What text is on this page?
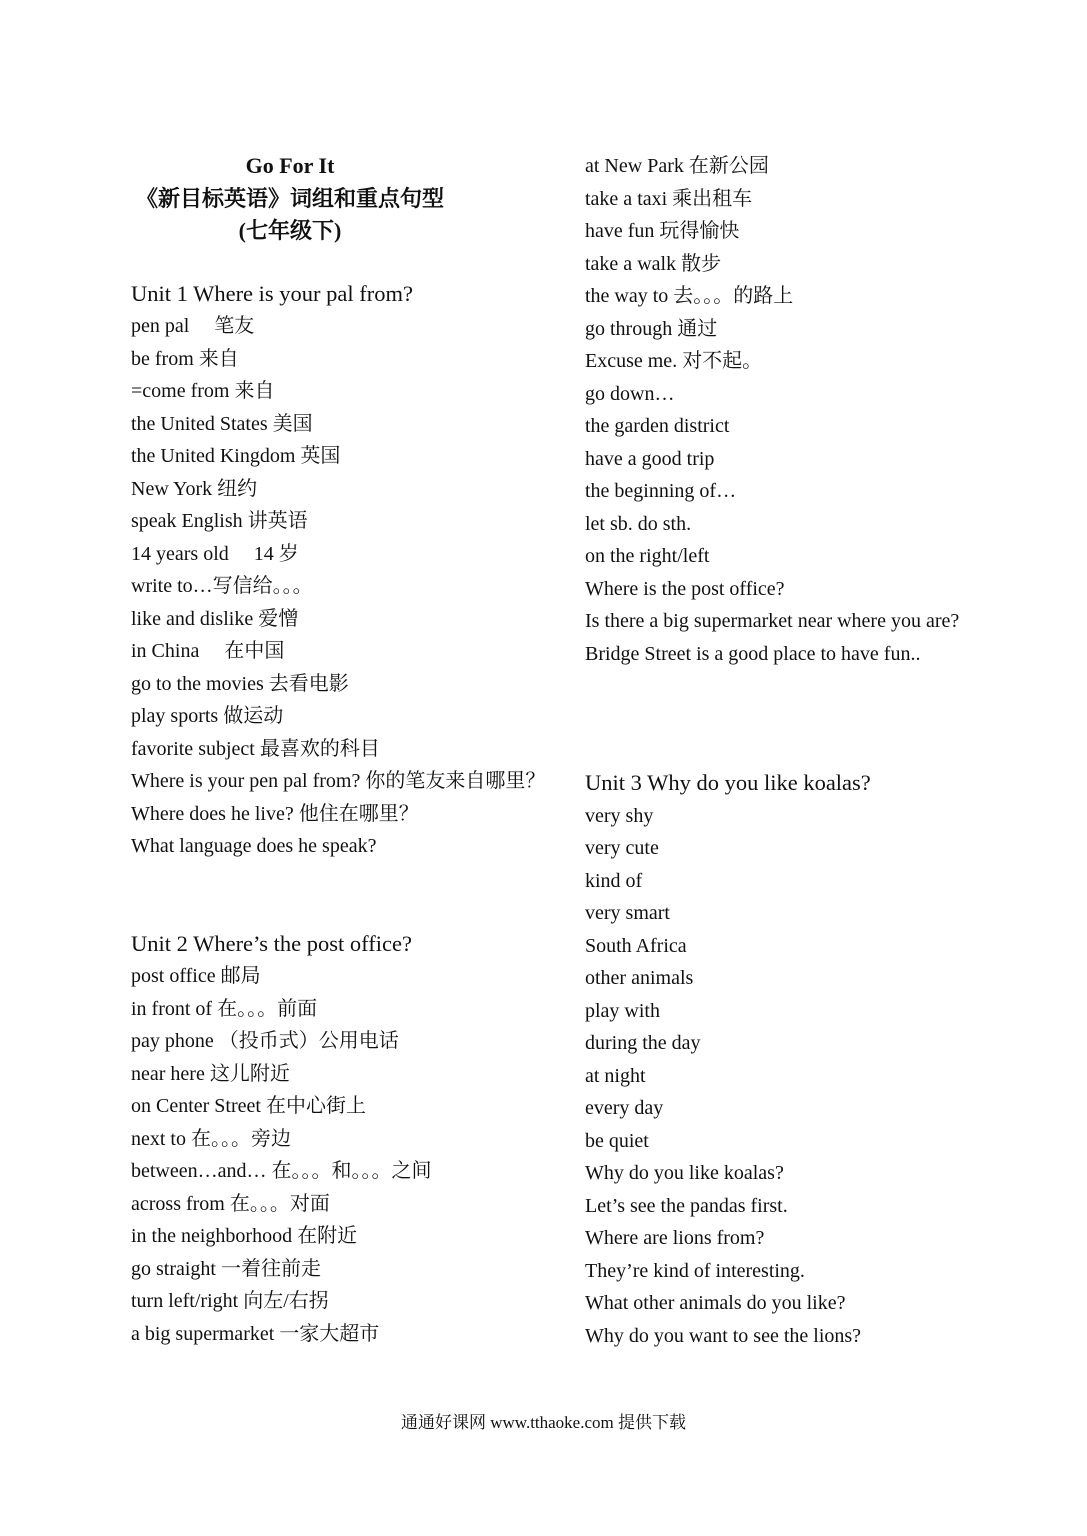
Go For It
《新目标英语》词组和重点句型
(七年级下)
Unit 1 Where is your pal from?
pen pal 　笔友
be from 来自
=come from 来自
the United States 美国
the United Kingdom 英国
New York 纽约
speak English 讲英语
14 years old 　14 岁
write to…写信给。。。
like and dislike 爱憎
in China 　在中国
go to the movies 去看电影
play sports 做运动
favorite subject 最喜欢的科目
Where is your pen pal from? 你的笔友来自哪里？
Where does he live? 他住在哪里？
What language does he speak?
Unit 2 Where’s the post office?
post office 邮局
in front of 在。。。前面
pay phone （投币式）公用电话
near here 这儿附近
on Center Street 在中心街上
next to 在。。。旁边
between…and… 在。。。和。。。之间
across from 在。。。对面
in the neighborhood 在附近
go straight 一着往前走
turn left/right 向左/右拐
a big supermarket 一家大超市
at New Park 在新公园
take a taxi 乘出租车
have fun 玩得愉快
take a walk 散步
the way to 去。。。的路上
go through 通过
Excuse me. 对不起。
go down…
the garden district
have a good trip
the beginning of…
let sb. do sth.
on the right/left
Where is the post office?
Is there a big supermarket near where you are?
Bridge Street is a good place to have fun..
Unit 3 Why do you like koalas?
very shy
very cute
kind of
very smart
South Africa
other animals
play with
during the day
at night
every day
be quiet
Why do you like koalas?
Let’s see the pandas first.
Where are lions from?
They’re kind of interesting.
What other animals do you like?
Why do you want to see the lions?
通通好课网 www.tthaoke.com 提供下载
